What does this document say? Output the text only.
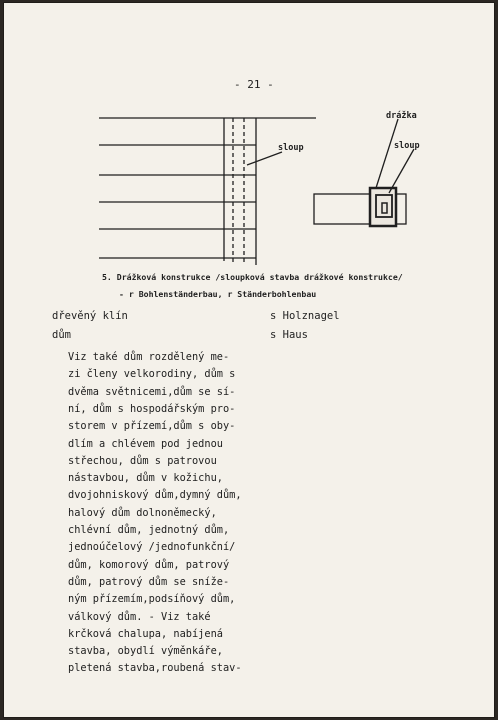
- 21 -
sloup
drážka
sloup
5. Drážková konstrukce /sloupková stavba drážkové konstrukce/
- r Bohlenständerbau, r Ständerbohlenbau
dřevěný klín	s Holznagel
dům	s Haus
Viz také dům rozdělený me-
zi členy velkorodiny, dům s
dvěma světnicemi,dům se sí-
ní, dům s hospodářským pro-
storem v přízemí,dům s oby-
dlím a chlévem pod jednou
střechou, dům s patrovou
nástavbou, dům v kožichu,
dvojohniskový dům,dymný dům,
halový dům dolnoněmecký,
chlévní dům, jednotný dům,
jednoúčelový /jednofunkční/
dům, komorový dům, patrový
dům, patrový dům se sníže-
ným přízemím,podsíňový dům,
válkový dům. - Viz také
krčková chalupa, nabíjená
stavba, obydlí výměnkáře,
pletená stavba,roubená stav-
